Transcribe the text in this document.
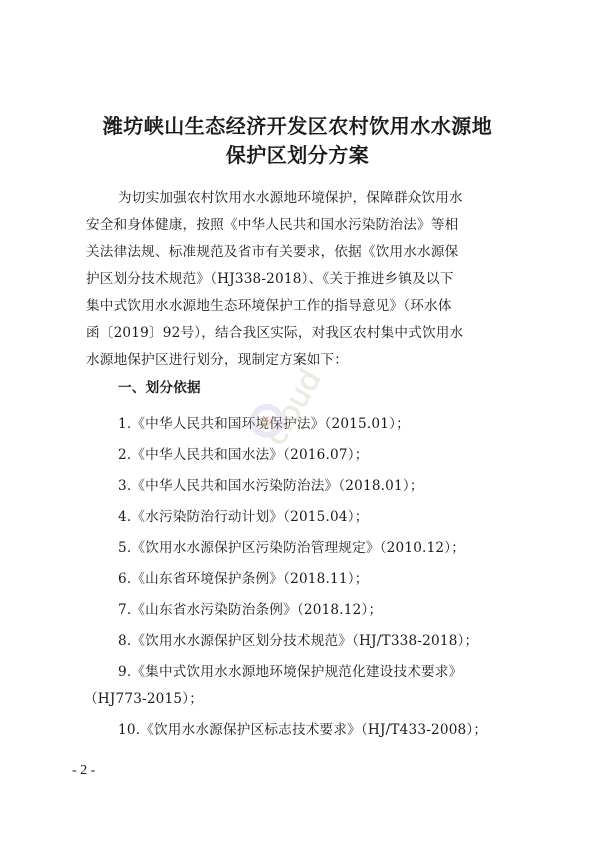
潍坊峡山生态经济开发区农村饮用水水源地
保护区划分方案
为切实加强农村饮用水水源地环境保护，保障群众饮用水
安全和身体健康，按照《中华人民共和国水污染防治法》等相
关法律法规、标准规范及省市有关要求，依据《饮用水水源保
护区划分技术规范》（HJ338-2018）、《关于推进乡镇及以下
集中式饮用水水源地生态环境保护工作的指导意见》（环水体
函〔2019〕92号），结合我区实际，对我区农村集中式饮用水
水源地保护区进行划分，现制定方案如下：
一、划分依据
1.《中华人民共和国环境保护法》（2015.01）；
2.《中华人民共和国水法》（2016.07）；
3.《中华人民共和国水污染防治法》（2018.01）；
4.《水污染防治行动计划》（2015.04）；
5.《饮用水水源保护区污染防治管理规定》（2010.12）；
6.《山东省环境保护条例》（2018.11）；
7.《山东省水污染防治条例》（2018.12）；
8.《饮用水水源保护区划分技术规范》（HJ/T338-2018）；
9.《集中式饮用水水源地环境保护规范化建设技术要求》
（HJ773-2015）；
10.《饮用水水源保护区标志技术要求》（HJ/T433-2008）；
- 2 -
cloud
